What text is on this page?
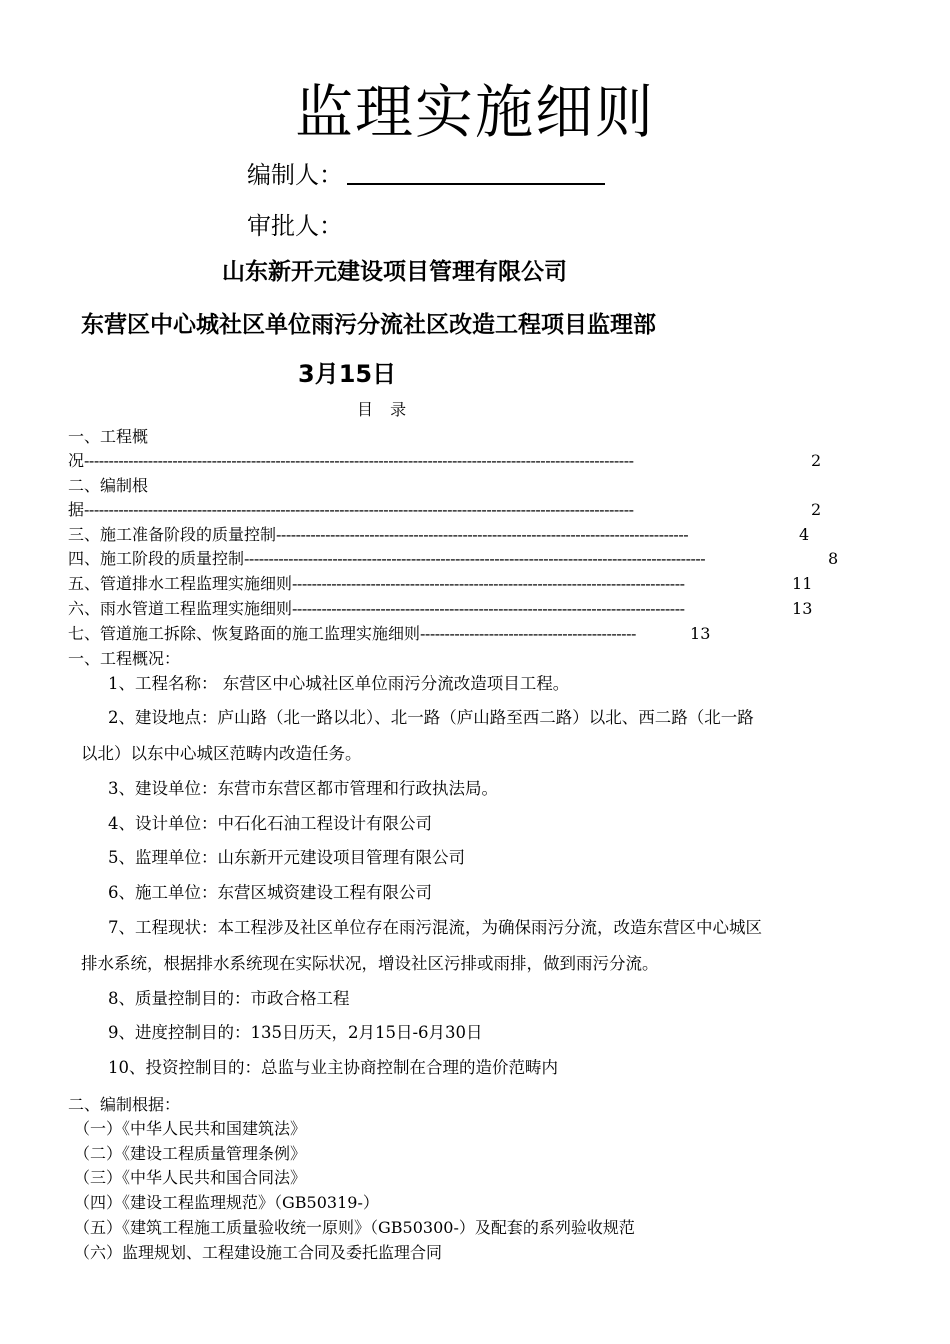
监理实施细则
编制人：
审批人：
山东新开元建设项目管理有限公司
东营区中心城社区单位雨污分流社区改造工程项目监理部
3月15日
目 录
一、工程概
况----------------------------------------------------------------------------------------------------------------	2
二、编制根
据----------------------------------------------------------------------------------------------------------------	2
三、施工准备阶段的质量控制------------------------------------------------------------------------------------	4
四、施工阶段的质量控制----------------------------------------------------------------------------------------------	8
五、管道排水工程监理实施细则--------------------------------------------------------------------------------	11
六、雨水管道工程监理实施细则--------------------------------------------------------------------------------	13
七、管道施工拆除、恢复路面的施工监理实施细则--------------------------------------------	13
一、工程概况：
1、工程名称： 东营区中心城社区单位雨污分流改造项目工程。
2、建设地点：庐山路（北一路以北）、北一路（庐山路至西二路）以北、西二路（北一路
以北）以东中心城区范畴内改造任务。
3、建设单位：东营市东营区都市管理和行政执法局。
4、设计单位：中石化石油工程设计有限公司
5、监理单位：山东新开元建设项目管理有限公司
6、施工单位：东营区城资建设工程有限公司
7、工程现状：本工程涉及社区单位存在雨污混流，为确保雨污分流，改造东营区中心城区
排水系统，根据排水系统现在实际状况，增设社区污排或雨排，做到雨污分流。
8、质量控制目的：市政合格工程
9、进度控制目的：135日历天，2月15日-6月30日
10、投资控制目的：总监与业主协商控制在合理的造价范畴内
二、编制根据：
（一）《中华人民共和国建筑法》
（二）《建设工程质量管理条例》
（三）《中华人民共和国合同法》
（四）《建设工程监理规范》（GB50319-）
（五）《建筑工程施工质量验收统一原则》（GB50300-）及配套的系列验收规范
（六）监理规划、工程建设施工合同及委托监理合同
